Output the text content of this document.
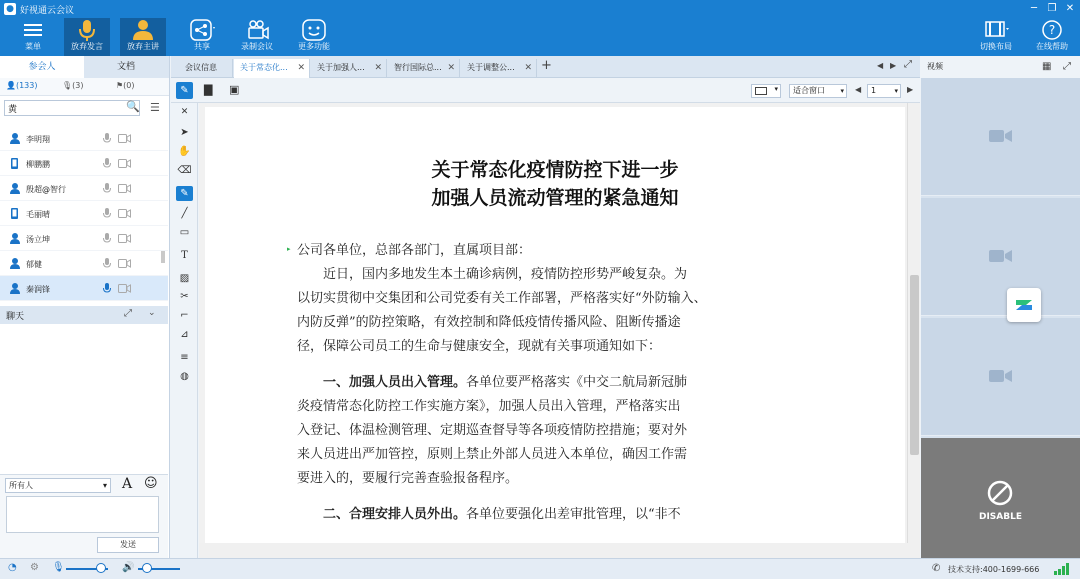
● 好视通云会议	─	❐ ✕
菜单	放弃发言	放弃主讲	共享	录制会议	更多功能	切换布局
?
在线帮助
参会人	文档
👤(133)	🎙(3)	⚑(0)
黄
🔍 ☰
李明翔
柳鹏鹏
殷超@智行
毛丽晴
汤立坤
郁健
秦润锋
聊天	⤢ ⌄
所有人	▾ A ☺
发送
会议信息	关于常态化... ✕	关于加强人... ✕	智行国际总... ✕	关于调整公... ✕ +	◀ ▶ ⤢
✎	▇ ▣	▾	适合窗口 ▾ ◀	1	▾ ▶
✕
➤
✋
⌫
✎
╱
▭
T
▨
✂
⌐
⊿
≡
◍
关于常态化疫情防控下进一步
加强人员流动管理的紧急通知
▸ 公司各单位，总部各部门，直属项目部：
近日，国内多地发生本土确诊病例，疫情防控形势严峻复杂。为
以切实贯彻中交集团和公司党委有关工作部署，严格落实好“外防输入、
内防反弹”的防控策略，有效控制和降低疫情传播风险、阻断传播途
径，保障公司员工的生命与健康安全，现就有关事项通知如下：
一、加强人员出入管理。各单位要严格落实《中交二航局新冠肺
炎疫情常态化防控工作实施方案》，加强人员出入管理，严格落实出
入登记、体温检测管理、定期巡查督导等各项疫情防控措施；要对外
来人员进出严加管控，原则上禁止外部人员进入本单位，确因工作需
要进入的，要履行完善查验报备程序。
二、合理安排人员外出。各单位要强化出差审批管理，以“非不
视频	▦ ⤢
DISABLE
◔ ⚙ 🎙	🔊	✆ 技术支持:400-1699-666
